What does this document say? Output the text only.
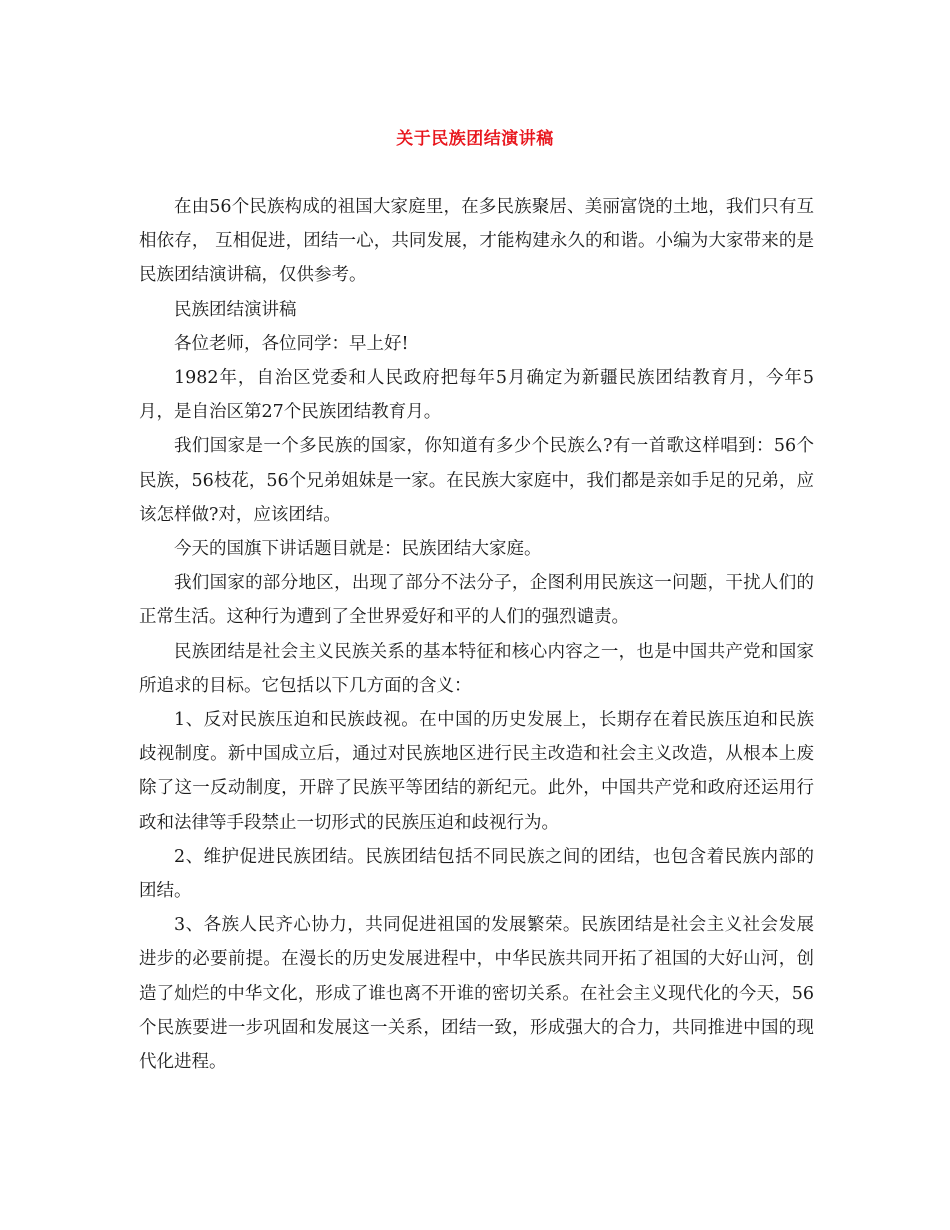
关于民族团结演讲稿

在由56个民族构成的祖国大家庭里，在多民族聚居、美丽富饶的土地，我们只有互相依存， 互相促进，团结一心，共同发展，才能构建永久的和谐。小编为大家带来的是民族团结演讲稿，仅供参考。

民族团结演讲稿

各位老师，各位同学：早上好!

1982年，自治区党委和人民政府把每年5月确定为新疆民族团结教育月，今年5月，是自治区第27个民族团结教育月。

我们国家是一个多民族的国家，你知道有多少个民族么?有一首歌这样唱到：56个民族，56枝花，56个兄弟姐妹是一家。在民族大家庭中，我们都是亲如手足的兄弟，应该怎样做?对，应该团结。

今天的国旗下讲话题目就是：民族团结大家庭。

我们国家的部分地区，出现了部分不法分子，企图利用民族这一问题，干扰人们的正常生活。这种行为遭到了全世界爱好和平的人们的强烈谴责。

民族团结是社会主义民族关系的基本特征和核心内容之一，也是中国共产党和国家所追求的目标。它包括以下几方面的含义：

1、反对民族压迫和民族歧视。在中国的历史发展上，长期存在着民族压迫和民族歧视制度。新中国成立后，通过对民族地区进行民主改造和社会主义改造，从根本上废除了这一反动制度，开辟了民族平等团结的新纪元。此外，中国共产党和政府还运用行政和法律等手段禁止一切形式的民族压迫和歧视行为。

2、维护促进民族团结。民族团结包括不同民族之间的团结，也包含着民族内部的团结。

3、各族人民齐心协力，共同促进祖国的发展繁荣。民族团结是社会主义社会发展进步的必要前提。在漫长的历史发展进程中，中华民族共同开拓了祖国的大好山河，创造了灿烂的中华文化，形成了谁也离不开谁的密切关系。在社会主义现代化的今天，56个民族要进一步巩固和发展这一关系，团结一致，形成强大的合力，共同推进中国的现代化进程。
